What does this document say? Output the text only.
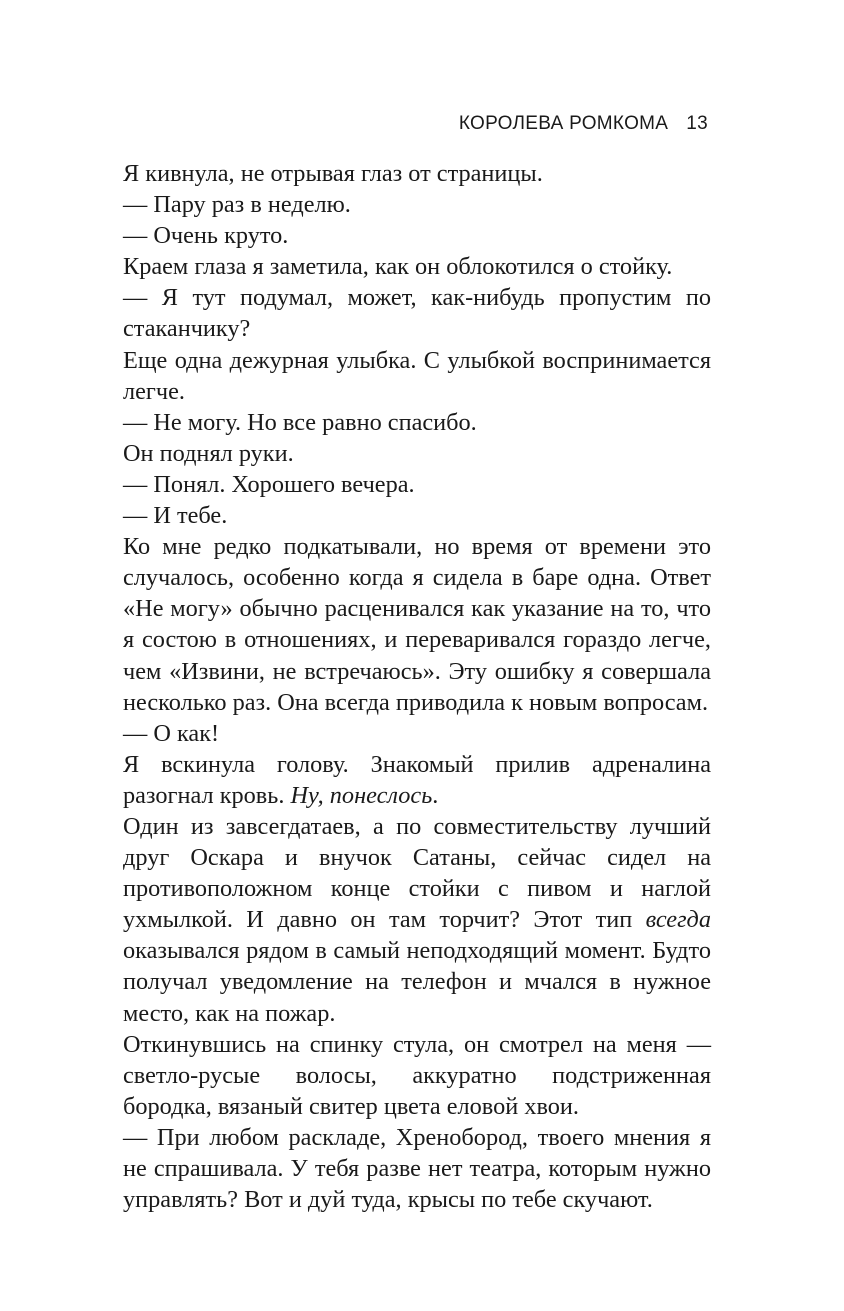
КОРОЛЕВА РОМКОМА 13

Я кивнула, не отрывая глаз от страницы.

— Пару раз в неделю.

— Очень круто.

Краем глаза я заметила, как он облокотился о стойку.

— Я тут подумал, может, как-нибудь пропустим по стаканчику?

Еще одна дежурная улыбка. С улыбкой воспринимается легче.

— Не могу. Но все равно спасибо.

Он поднял руки.

— Понял. Хорошего вечера.

— И тебе.

Ко мне редко подкатывали, но время от времени это случалось, особенно когда я сидела в баре одна. Ответ «Не могу» обычно расценивался как указание на то, что я состою в отношениях, и переваривался гораздо легче, чем «Извини, не встречаюсь». Эту ошибку я совершала несколько раз. Она всегда приводила к новым вопросам.

— О как!

Я вскинула голову. Знакомый прилив адреналина разогнал кровь. Ну, понеслось.

Один из завсегдатаев, а по совместительству лучший друг Оскара и внучок Сатаны, сейчас сидел на противоположном конце стойки с пивом и наглой ухмылкой. И давно он там торчит? Этот тип всегда оказывался рядом в самый неподходящий момент. Будто получал уведомление на телефон и мчался в нужное место, как на пожар.

Откинувшись на спинку стула, он смотрел на меня — светло-русые волосы, аккуратно подстриженная бородка, вязаный свитер цвета еловой хвои.

— При любом раскладе, Хренобород, твоего мнения я не спрашивала. У тебя разве нет театра, которым нужно управлять? Вот и дуй туда, крысы по тебе скучают.
